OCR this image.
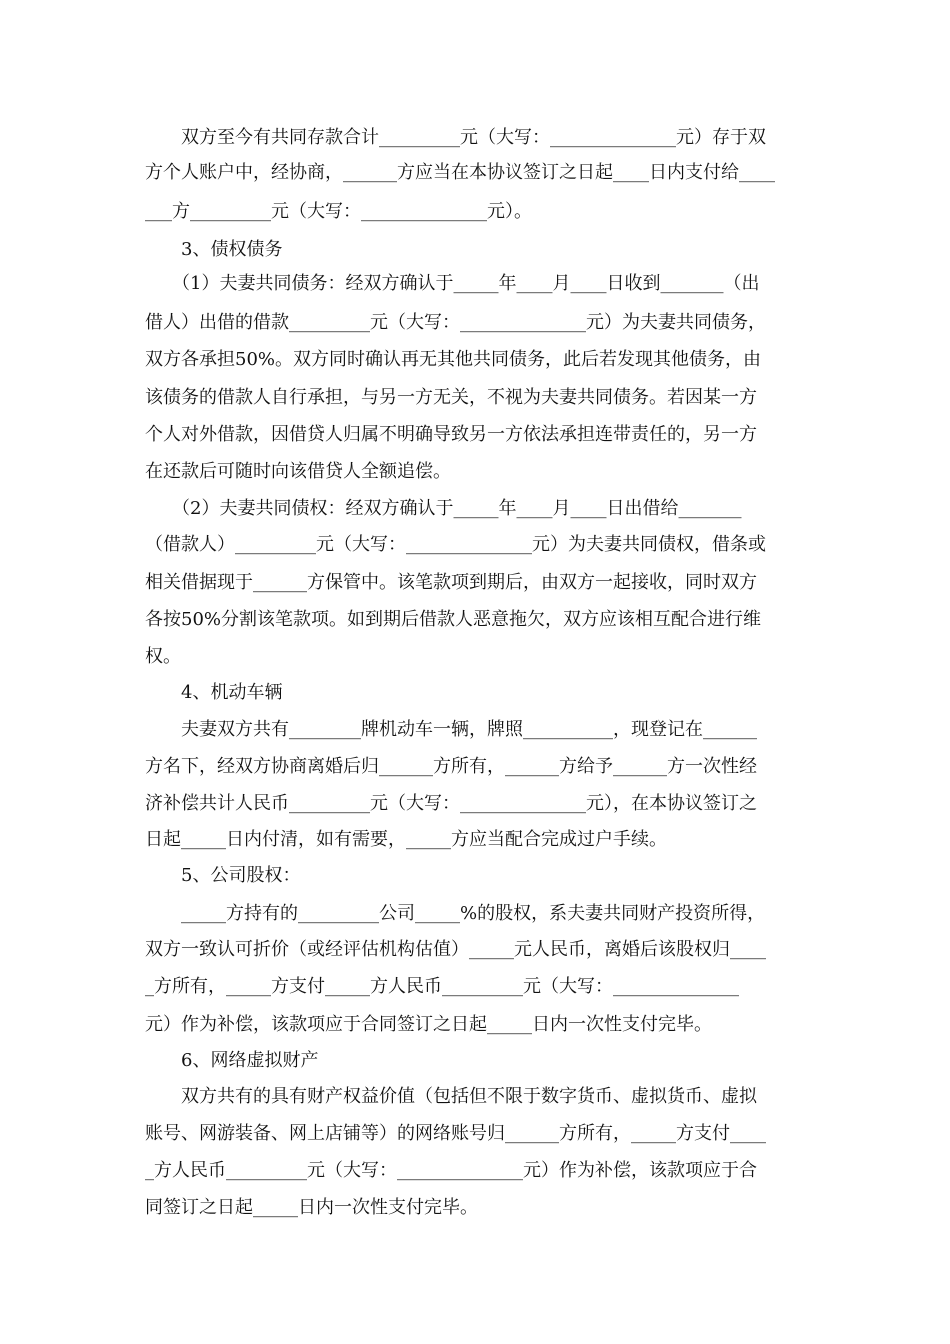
　　双方至今有共同存款合计_________元（大写：______________元）存于双

方个人账户中，经协商，______方应当在本协议签订之日起____日内支付给____

___方_________元（大写：______________元）。

　　3、债权债务

　　（1）夫妻共同债务：经双方确认于_____年____月____日收到_______（出

借人）出借的借款_________元（大写：______________元）为夫妻共同债务，

双方各承担50%。双方同时确认再无其他共同债务，此后若发现其他债务，由

该债务的借款人自行承担，与另一方无关，不视为夫妻共同债务。若因某一方

个人对外借款，因借贷人归属不明确导致另一方依法承担连带责任的，另一方

在还款后可随时向该借贷人全额追偿。

　　（2）夫妻共同债权：经双方确认于_____年____月____日出借给_______

（借款人）_________元（大写：______________元）为夫妻共同债权，借条或

相关借据现于______方保管中。该笔款项到期后，由双方一起接收，同时双方

各按50%分割该笔款项。如到期后借款人恶意拖欠，双方应该相互配合进行维

权。

　　4、机动车辆

　　夫妻双方共有________牌机动车一辆，牌照__________，现登记在______

方名下，经双方协商离婚后归______方所有，______方给予______方一次性经

济补偿共计人民币_________元（大写：______________元），在本协议签订之

日起_____日内付清，如有需要，_____方应当配合完成过户手续。

　　5、公司股权：

　　_____方持有的_________公司_____%的股权，系夫妻共同财产投资所得，

双方一致认可折价（或经评估机构估值）_____元人民币，离婚后该股权归____

_方所有，_____方支付_____方人民币_________元（大写：______________

元）作为补偿，该款项应于合同签订之日起_____日内一次性支付完毕。

　　6、网络虚拟财产

　　双方共有的具有财产权益价值（包括但不限于数字货币、虚拟货币、虚拟

账号、网游装备、网上店铺等）的网络账号归______方所有，_____方支付____

_方人民币_________元（大写：______________元）作为补偿，该款项应于合

同签订之日起_____日内一次性支付完毕。
